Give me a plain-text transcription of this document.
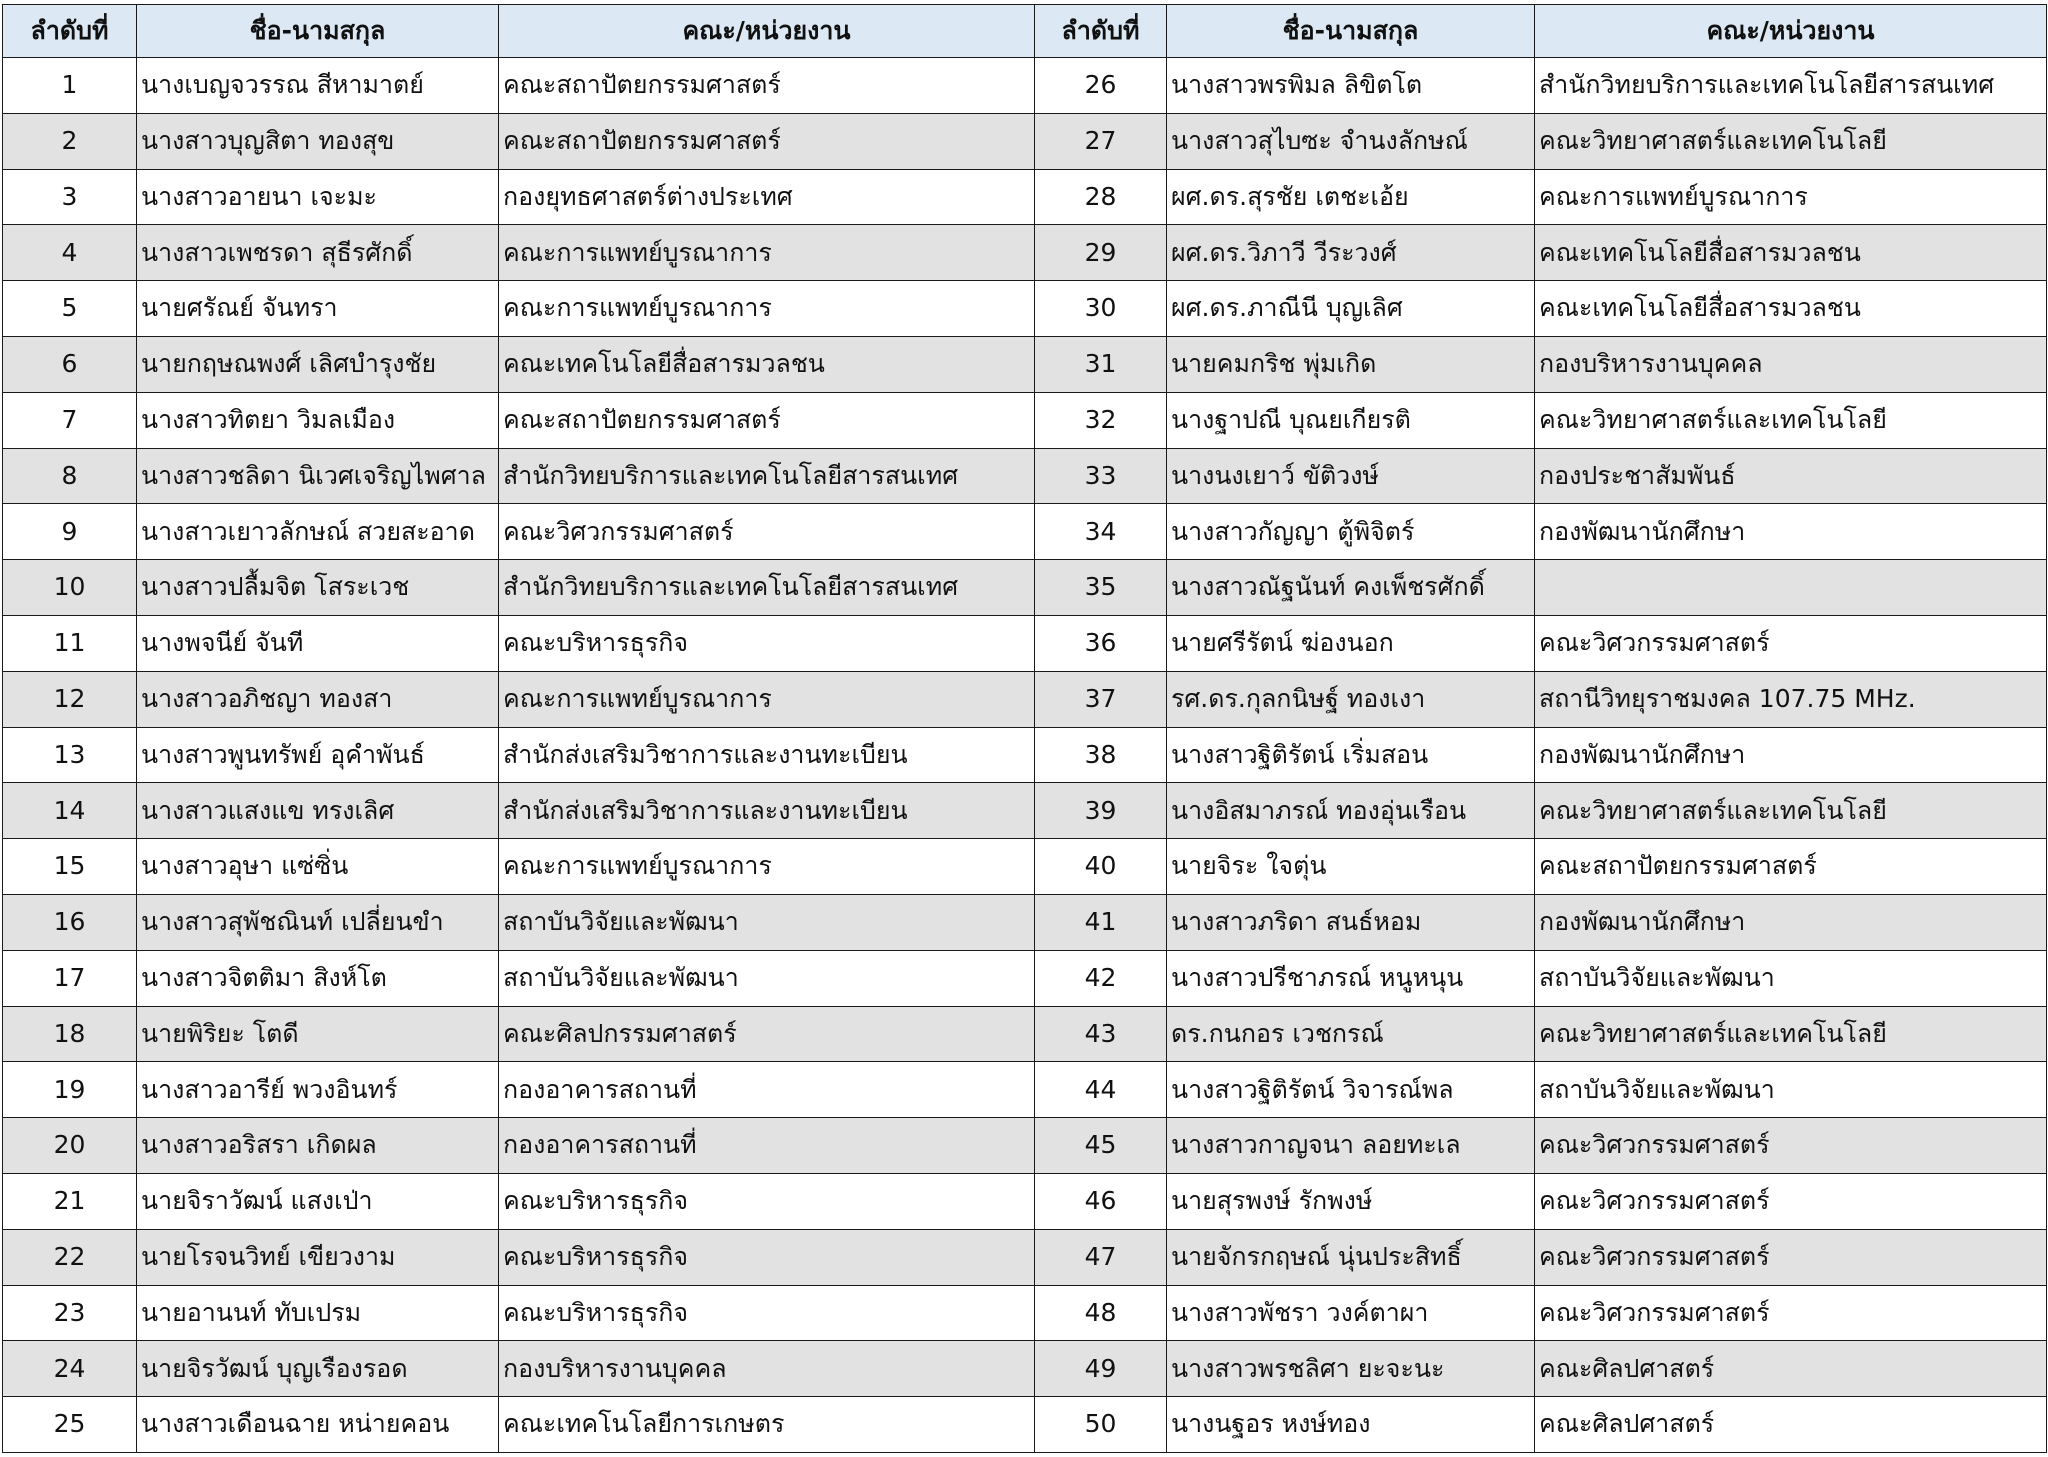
ลำดับที่	ชื่อ-นามสกุล	คณะ/หน่วยงาน	ลำดับที่	ชื่อ-นามสกุล	คณะ/หน่วยงาน
1	นางเบญจวรรณ สีหามาตย์	คณะสถาปัตยกรรมศาสตร์	26	นางสาวพรพิมล ลิขิตโต	สำนักวิทยบริการและเทคโนโลยีสารสนเทศ
2	นางสาวบุญสิตา ทองสุข	คณะสถาปัตยกรรมศาสตร์	27	นางสาวสุไบซะ จำนงลักษณ์	คณะวิทยาศาสตร์และเทคโนโลยี
3	นางสาวอายนา เจะมะ	กองยุทธศาสตร์ต่างประเทศ	28	ผศ.ดร.สุรชัย เตชะเอ้ย	คณะการแพทย์บูรณาการ
4	นางสาวเพชรดา สุธีรศักดิ์	คณะการแพทย์บูรณาการ	29	ผศ.ดร.วิภาวี วีระวงศ์	คณะเทคโนโลยีสื่อสารมวลชน
5	นายศรัณย์ จันทรา	คณะการแพทย์บูรณาการ	30	ผศ.ดร.ภาณีนี บุญเลิศ	คณะเทคโนโลยีสื่อสารมวลชน
6	นายกฤษณพงศ์ เลิศบำรุงชัย	คณะเทคโนโลยีสื่อสารมวลชน	31	นายคมกริช พุ่มเกิด	กองบริหารงานบุคคล
7	นางสาวทิตยา วิมลเมือง	คณะสถาปัตยกรรมศาสตร์	32	นางฐาปณี บุณยเกียรติ	คณะวิทยาศาสตร์และเทคโนโลยี
8	นางสาวชลิดา นิเวศเจริญไพศาล	สำนักวิทยบริการและเทคโนโลยีสารสนเทศ	33	นางนงเยาว์ ขัติวงษ์	กองประชาสัมพันธ์
9	นางสาวเยาวลักษณ์ สวยสะอาด	คณะวิศวกรรมศาสตร์	34	นางสาวกัญญา ตู้พิจิตร์	กองพัฒนานักศึกษา
10	นางสาวปลื้มจิต โสระเวช	สำนักวิทยบริการและเทคโนโลยีสารสนเทศ	35	นางสาวณัฐนันท์ คงเพ็ชรศักดิ์	
11	นางพจนีย์ จันที	คณะบริหารธุรกิจ	36	นายศรีรัตน์ ฆ่องนอก	คณะวิศวกรรมศาสตร์
12	นางสาวอภิชญา ทองสา	คณะการแพทย์บูรณาการ	37	รศ.ดร.กุลกนิษฐ์ ทองเงา	สถานีวิทยุราชมงคล 107.75 MHz.
13	นางสาวพูนทรัพย์ อุคำพันธ์	สำนักส่งเสริมวิชาการและงานทะเบียน	38	นางสาวฐิติรัตน์ เริ่มสอน	กองพัฒนานักศึกษา
14	นางสาวแสงแข ทรงเลิศ	สำนักส่งเสริมวิชาการและงานทะเบียน	39	นางอิสมาภรณ์ ทองอุ่นเรือน	คณะวิทยาศาสตร์และเทคโนโลยี
15	นางสาวอุษา แซ่ซิ่น	คณะการแพทย์บูรณาการ	40	นายจิระ ใจตุ่น	คณะสถาปัตยกรรมศาสตร์
16	นางสาวสุพัชณินท์ เปลี่ยนขำ	สถาบันวิจัยและพัฒนา	41	นางสาวภริดา สนธ์หอม	กองพัฒนานักศึกษา
17	นางสาวจิตติมา สิงห์โต	สถาบันวิจัยและพัฒนา	42	นางสาวปรีชาภรณ์ หนูหนุน	สถาบันวิจัยและพัฒนา
18	นายพิริยะ โตดี	คณะศิลปกรรมศาสตร์	43	ดร.กนกอร เวชกรณ์	คณะวิทยาศาสตร์และเทคโนโลยี
19	นางสาวอารีย์ พวงอินทร์	กองอาคารสถานที่	44	นางสาวฐิติรัตน์ วิจารณ์พล	สถาบันวิจัยและพัฒนา
20	นางสาวอริสรา เกิดผล	กองอาคารสถานที่	45	นางสาวกาญจนา ลอยทะเล	คณะวิศวกรรมศาสตร์
21	นายจิราวัฒน์ แสงเป่า	คณะบริหารธุรกิจ	46	นายสุรพงษ์ รักพงษ์	คณะวิศวกรรมศาสตร์
22	นายโรจนวิทย์ เขียวงาม	คณะบริหารธุรกิจ	47	นายจักรกฤษณ์ นุ่นประสิทธิ์	คณะวิศวกรรมศาสตร์
23	นายอานนท์ ทับเปรม	คณะบริหารธุรกิจ	48	นางสาวพัชรา วงค์ตาผา	คณะวิศวกรรมศาสตร์
24	นายจิรวัฒน์ บุญเรืองรอด	กองบริหารงานบุคคล	49	นางสาวพรชลิศา ยะจะนะ	คณะศิลปศาสตร์
25	นางสาวเดือนฉาย หน่ายคอน	คณะเทคโนโลยีการเกษตร	50	นางนฐอร หงษ์ทอง	คณะศิลปศาสตร์
